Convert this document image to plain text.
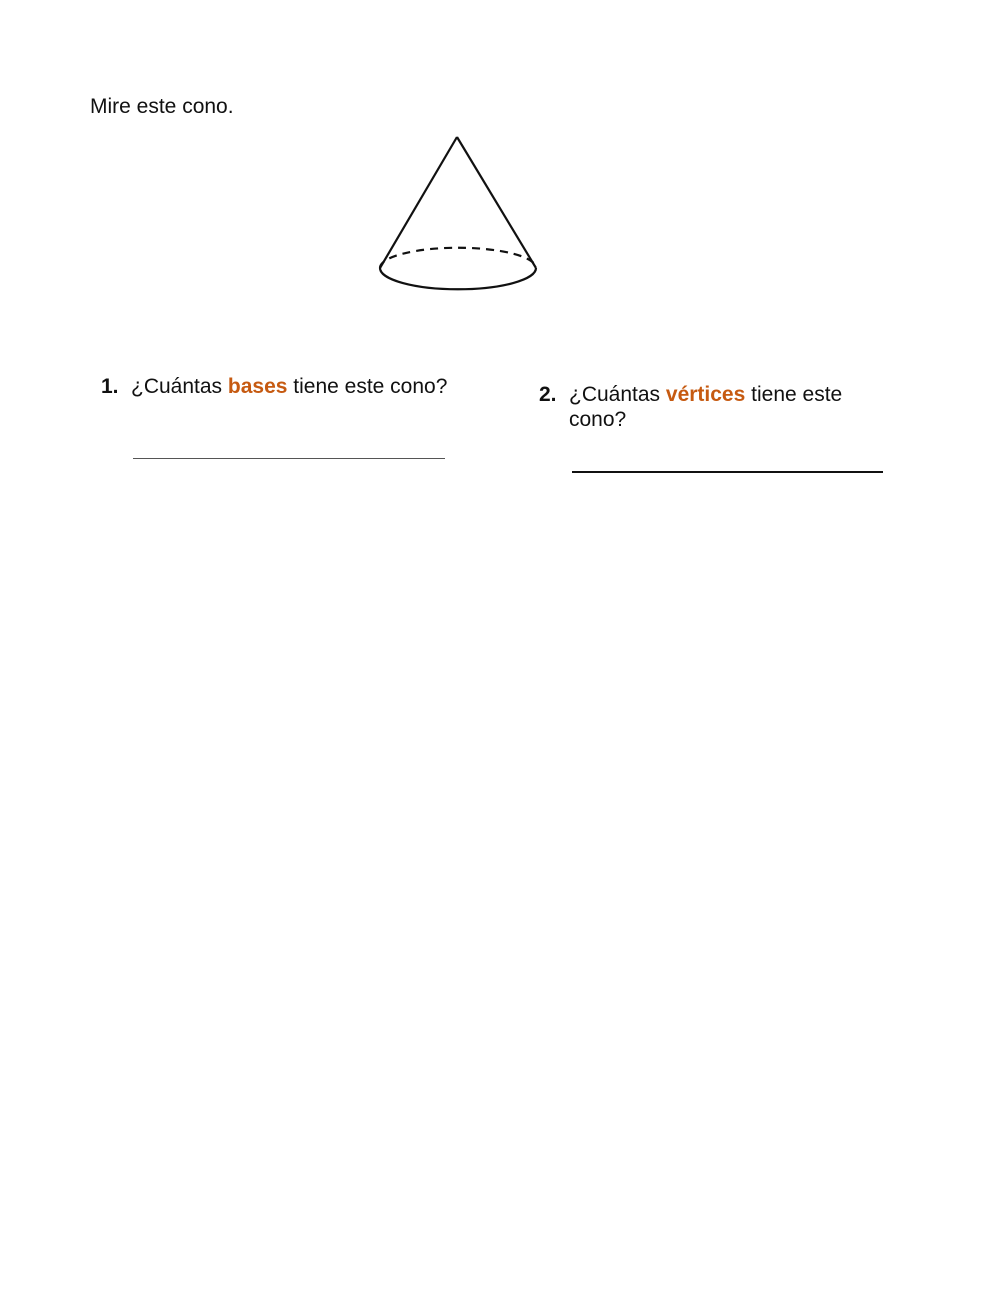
Mire este cono.
1. ¿Cuántas bases tiene este cono?	2. ¿Cuántas vértices tiene este cono?
